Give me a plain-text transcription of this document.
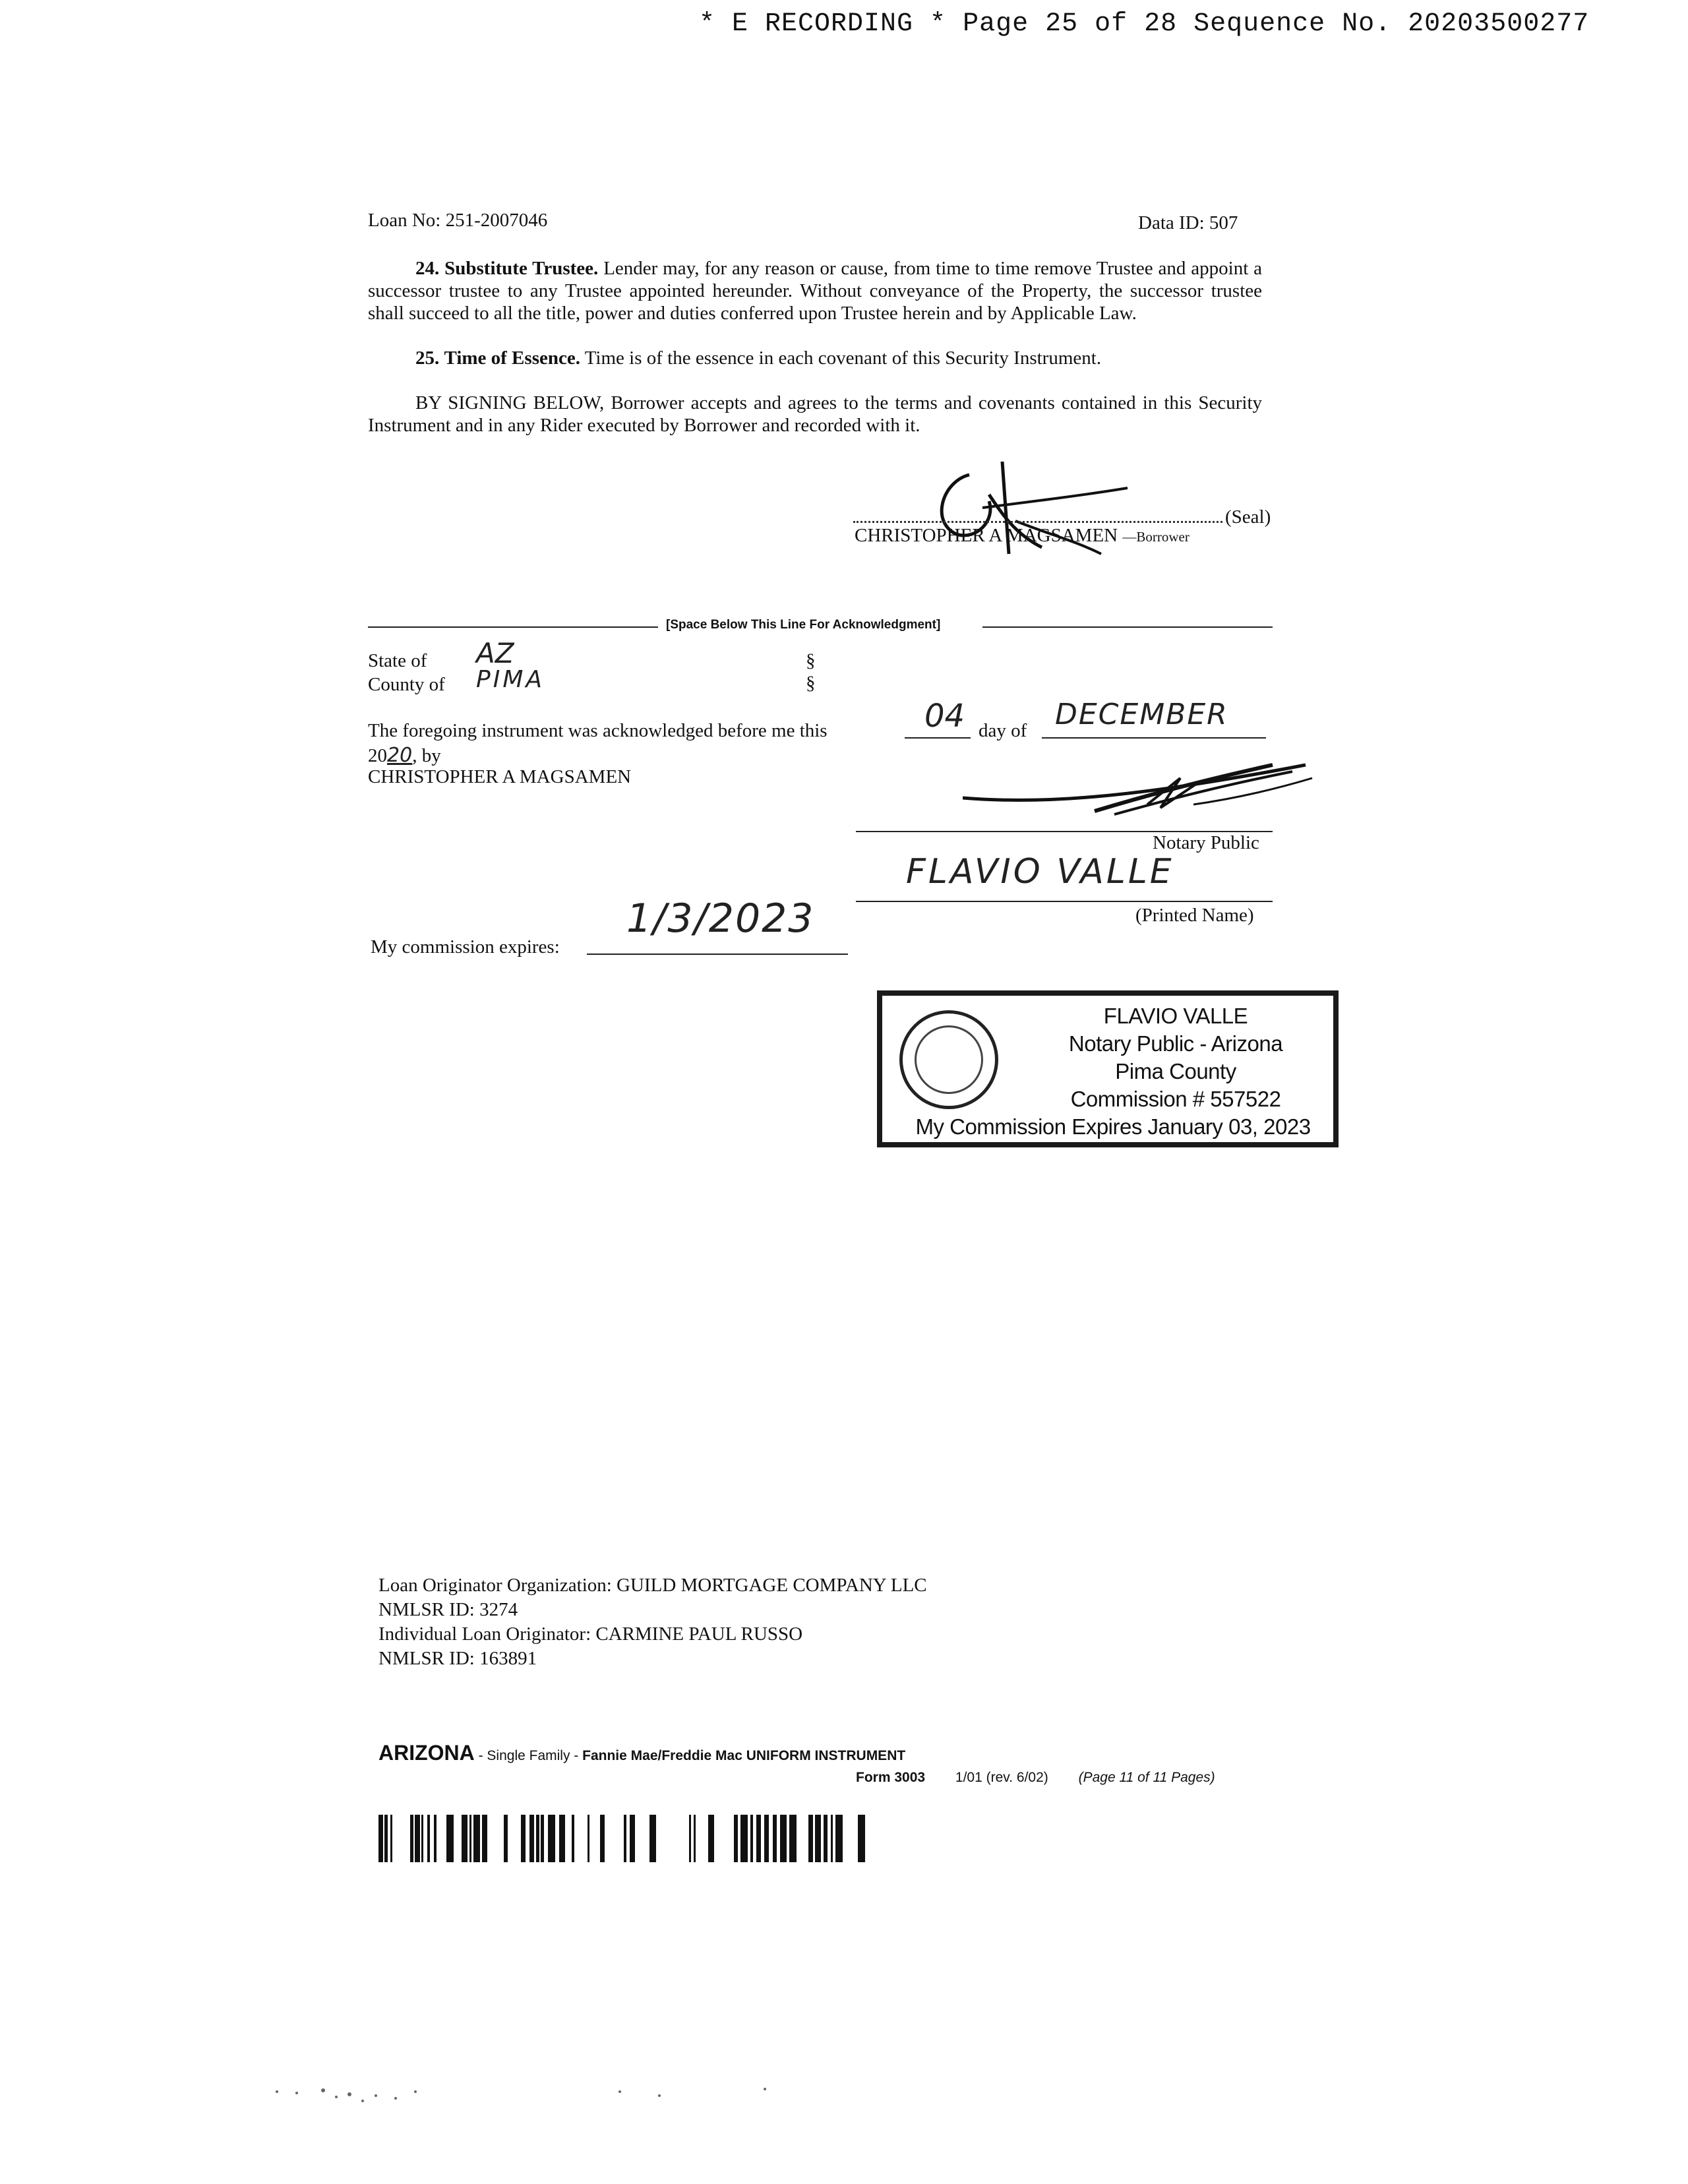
* E RECORDING * Page 25 of 28 Sequence No. 20203500277
Loan No: 251-2007046	Data ID: 507
24. Substitute Trustee. Lender may, for any reason or cause, from time to time remove Trustee and appoint a successor trustee to any Trustee appointed hereunder. Without conveyance of the Property, the successor trustee shall succeed to all the title, power and duties conferred upon Trustee herein and by Applicable Law.
25. Time of Essence. Time is of the essence in each covenant of this Security Instrument.
BY SIGNING BELOW, Borrower accepts and agrees to the terms and covenants contained in this Security Instrument and in any Rider executed by Borrower and recorded with it.
(Seal)
CHRISTOPHER A MAGSAMEN —Borrower
[Space Below This Line For Acknowledgment]
State of AZ	§
County of PIMA	§
The foregoing instrument was acknowledged before me this	04 day of DECEMBER
2020, by
CHRISTOPHER A MAGSAMEN
Notary Public
FLAVIO VALLE
(Printed Name)
My commission expires:
1/3/2023
FLAVIO VALLE
Notary Public - Arizona
Pima County
Commission # 557522
My Commission Expires January 03, 2023
Loan Originator Organization: GUILD MORTGAGE COMPANY LLC
NMLSR ID: 3274
Individual Loan Originator: CARMINE PAUL RUSSO
NMLSR ID: 163891
ARIZONA - Single Family - Fannie Mae/Freddie Mac UNIFORM INSTRUMENT
Form 3003 1/01 (rev. 6/02) (Page 11 of 11 Pages)
